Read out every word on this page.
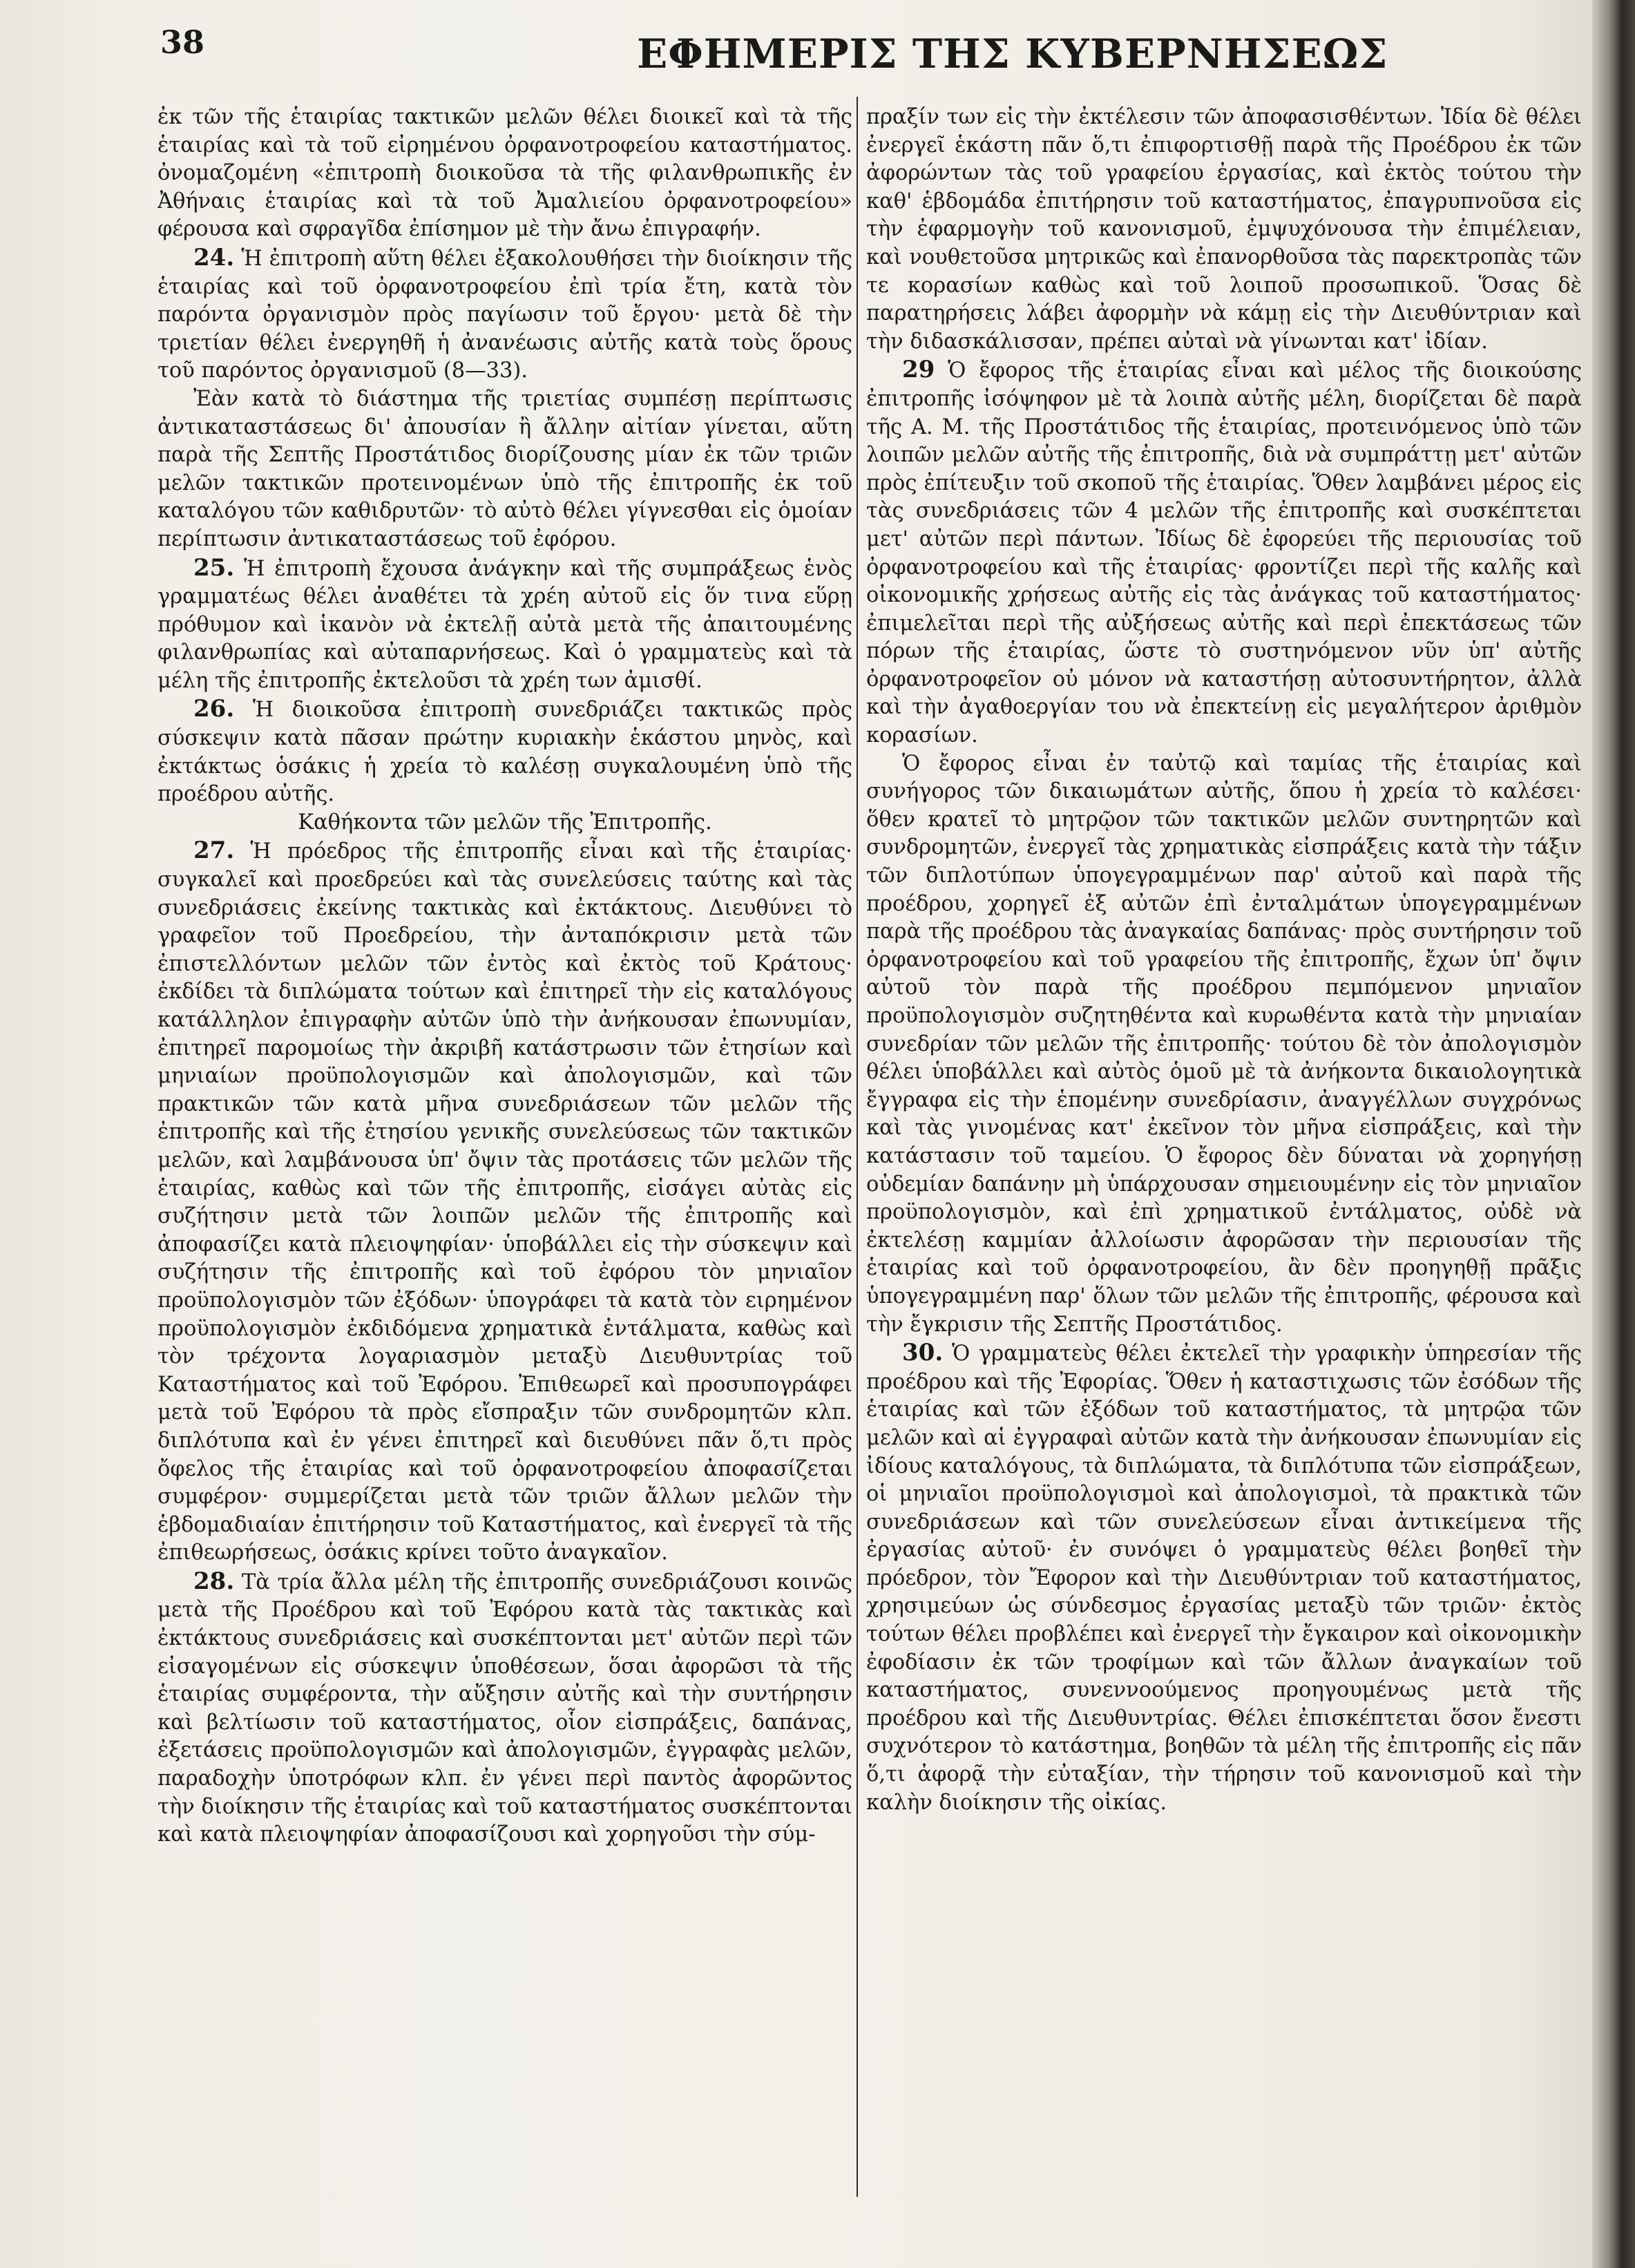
38	ΕΦΗΜΕΡΙΣ ΤΗΣ ΚΥΒΕΡΝΗΣΕΩΣ

ἐκ τῶν τῆς ἑταιρίας τακτικῶν μελῶν θέλει διοικεῖ καὶ τὰ τῆς ἑταιρίας καὶ τὰ τοῦ εἰρημένου ὀρφανοτροφείου καταστήματος. ὀνομαζομένη «ἐπιτροπὴ διοικοῦσα τὰ τῆς φιλανθρωπικῆς ἐν Ἀθήναις ἑταιρίας καὶ τὰ τοῦ Ἀμαλιείου ὀρφανοτροφείου» φέρουσα καὶ σφραγῖδα ἐπίσημον μὲ τὴν ἄνω ἐπιγραφήν.

24. Ἡ ἐπιτροπὴ αὕτη θέλει ἐξακολουθήσει τὴν διοίκησιν τῆς ἑταιρίας καὶ τοῦ ὀρφανοτροφείου ἐπὶ τρία ἔτη, κατὰ τὸν παρόντα ὀργανισμὸν πρὸς παγίωσιν τοῦ ἔργου· μετὰ δὲ τὴν τριετίαν θέλει ἐνεργηθῆ ἡ ἀνανέωσις αὐτῆς κατὰ τοὺς ὅρους τοῦ παρόντος ὀργανισμοῦ (8—33).

Ἐὰν κατὰ τὸ διάστημα τῆς τριετίας συμπέσῃ περίπτωσις ἀντικαταστάσεως δι' ἀπουσίαν ἢ ἄλλην αἰτίαν γίνεται, αὕτη παρὰ τῆς Σεπτῆς Προστάτιδος διορίζουσης μίαν ἐκ τῶν τριῶν μελῶν τακτικῶν προτεινομένων ὑπὸ τῆς ἐπιτροπῆς ἐκ τοῦ καταλόγου τῶν καθιδρυτῶν· τὸ αὐτὸ θέλει γίγνεσθαι εἰς ὁμοίαν περίπτωσιν ἀντικαταστάσεως τοῦ ἐφόρου.

25. Ἡ ἐπιτροπὴ ἔχουσα ἀνάγκην καὶ τῆς συμπράξεως ἑνὸς γραμματέως θέλει ἀναθέτει τὰ χρέη αὐτοῦ εἰς ὅν τινα εὕρῃ πρόθυμον καὶ ἱκανὸν νὰ ἐκτελῇ αὐτὰ μετὰ τῆς ἀπαιτουμένης φιλανθρωπίας καὶ αὐταπαρνήσεως. Καὶ ὁ γραμματεὺς καὶ τὰ μέλη τῆς ἐπιτροπῆς ἐκτελοῦσι τὰ χρέη των ἀμισθί.

26. Ἡ διοικοῦσα ἐπιτροπὴ συνεδριάζει τακτικῶς πρὸς σύσκεψιν κατὰ πᾶσαν πρώτην κυριακὴν ἑκάστου μηνὸς, καὶ ἐκτάκτως ὁσάκις ἡ χρεία τὸ καλέσῃ συγκαλουμένη ὑπὸ τῆς προέδρου αὐτῆς.

Καθήκοντα τῶν μελῶν τῆς Ἐπιτροπῆς.

27. Ἡ πρόεδρος τῆς ἐπιτροπῆς εἶναι καὶ τῆς ἑταιρίας· συγκαλεῖ καὶ προεδρεύει καὶ τὰς συνελεύσεις ταύτης καὶ τὰς συνεδριάσεις ἐκείνης τακτικὰς καὶ ἐκτάκτους. Διευθύνει τὸ γραφεῖον τοῦ Προεδρείου, τὴν ἀνταπόκρισιν μετὰ τῶν ἐπιστελλόντων μελῶν τῶν ἐντὸς καὶ ἐκτὸς τοῦ Κράτους· ἐκδίδει τὰ διπλώματα τούτων καὶ ἐπιτηρεῖ τὴν εἰς καταλόγους κατάλληλον ἐπιγραφὴν αὐτῶν ὑπὸ τὴν ἀνήκουσαν ἐπωνυμίαν, ἐπιτηρεῖ παρομοίως τὴν ἀκριβῆ κατάστρωσιν τῶν ἐτησίων καὶ μηνιαίων προϋπολογισμῶν καὶ ἀπολογισμῶν, καὶ τῶν πρακτικῶν τῶν κατὰ μῆνα συνεδριάσεων τῶν μελῶν τῆς ἐπιτροπῆς καὶ τῆς ἐτησίου γενικῆς συνελεύσεως τῶν τακτικῶν μελῶν, καὶ λαμβάνουσα ὑπ' ὄψιν τὰς προτάσεις τῶν μελῶν τῆς ἑταιρίας, καθὼς καὶ τῶν τῆς ἐπιτροπῆς, εἰσάγει αὐτὰς εἰς συζήτησιν μετὰ τῶν λοιπῶν μελῶν τῆς ἐπιτροπῆς καὶ ἀποφασίζει κατὰ πλειοψηφίαν· ὑποβάλλει εἰς τὴν σύσκεψιν καὶ συζήτησιν τῆς ἐπιτροπῆς καὶ τοῦ ἐφόρου τὸν μηνιαῖον προϋπολογισμὸν τῶν ἐξόδων· ὑπογράφει τὰ κατὰ τὸν ειρημένον προϋπολογισμὸν ἐκδιδόμενα χρηματικὰ ἐντάλματα, καθὼς καὶ τὸν τρέχοντα λογαριασμὸν μεταξὺ Διευθυντρίας τοῦ Καταστήματος καὶ τοῦ Ἐφόρου. Ἐπιθεωρεῖ καὶ προσυπογράφει μετὰ τοῦ Ἐφόρου τὰ πρὸς εἴσπραξιν τῶν συνδρομητῶν κλπ. διπλότυπα καὶ ἐν γένει ἐπιτηρεῖ καὶ διευθύνει πᾶν ὅ,τι πρὸς ὄφελος τῆς ἑταιρίας καὶ τοῦ ὀρφανοτροφείου ἀποφασίζεται συμφέρον· συμμερίζεται μετὰ τῶν τριῶν ἄλλων μελῶν τὴν ἑβδομαδιαίαν ἐπιτήρησιν τοῦ Καταστήματος, καὶ ἐνεργεῖ τὰ τῆς ἐπιθεωρήσεως, ὁσάκις κρίνει τοῦτο ἀναγκαῖον.

28. Τὰ τρία ἄλλα μέλη τῆς ἐπιτροπῆς συνεδριάζουσι κοινῶς μετὰ τῆς Προέδρου καὶ τοῦ Ἐφόρου κατὰ τὰς τακτικὰς καὶ ἐκτάκτους συνεδριάσεις καὶ συσκέπτονται μετ' αὐτῶν περὶ τῶν εἰσαγομένων εἰς σύσκεψιν ὑποθέσεων, ὅσαι ἀφορῶσι τὰ τῆς ἑταιρίας συμφέροντα, τὴν αὔξησιν αὐτῆς καὶ τὴν συντήρησιν καὶ βελτίωσιν τοῦ καταστήματος, οἷον εἰσπράξεις, δαπάνας, ἐξετάσεις προϋπολογισμῶν καὶ ἀπολογισμῶν, ἐγγραφὰς μελῶν, παραδοχὴν ὑποτρόφων κλπ. ἐν γένει περὶ παντὸς ἀφορῶντος τὴν διοίκησιν τῆς ἑταιρίας καὶ τοῦ καταστήματος συσκέπτονται καὶ κατὰ πλειοψηφίαν ἀποφασίζουσι καὶ χορηγοῦσι τὴν σύμ-

πραξίν των εἰς τὴν ἐκτέλεσιν τῶν ἀποφασισθέντων. Ἰδία δὲ θέλει ἐνεργεῖ ἑκάστη πᾶν ὅ,τι ἐπιφορτισθῇ παρὰ τῆς Προέδρου ἐκ τῶν ἀφορώντων τὰς τοῦ γραφείου ἐργασίας, καὶ ἐκτὸς τούτου τὴν καθ' ἑβδομάδα ἐπιτήρησιν τοῦ καταστήματος, ἐπαγρυπνοῦσα εἰς τὴν ἐφαρμογὴν τοῦ κανονισμοῦ, ἐμψυχόνουσα τὴν ἐπιμέλειαν, καὶ νουθετοῦσα μητρικῶς καὶ ἐπανορθοῦσα τὰς παρεκτροπὰς τῶν τε κορασίων καθὼς καὶ τοῦ λοιποῦ προσωπικοῦ. Ὅσας δὲ παρατηρήσεις λάβει ἀφορμὴν νὰ κάμῃ εἰς τὴν Διευθύντριαν καὶ τὴν διδασκάλισσαν, πρέπει αὐταὶ νὰ γίνωνται κατ' ἰδίαν.

29 Ὁ ἔφορος τῆς ἑταιρίας εἶναι καὶ μέλος τῆς διοικούσης ἐπιτροπῆς ἰσόψηφον μὲ τὰ λοιπὰ αὐτῆς μέλη, διορίζεται δὲ παρὰ τῆς Α. Μ. τῆς Προστάτιδος τῆς ἑταιρίας, προτεινόμενος ὑπὸ τῶν λοιπῶν μελῶν αὐτῆς τῆς ἐπιτροπῆς, διὰ νὰ συμπράττῃ μετ' αὐτῶν πρὸς ἐπίτευξιν τοῦ σκοποῦ τῆς ἑταιρίας. Ὅθεν λαμβάνει μέρος εἰς τὰς συνεδριάσεις τῶν 4 μελῶν τῆς ἐπιτροπῆς καὶ συσκέπτεται μετ' αὐτῶν περὶ πάντων. Ἰδίως δὲ ἐφορεύει τῆς περιουσίας τοῦ ὀρφανοτροφείου καὶ τῆς ἑταιρίας· φροντίζει περὶ τῆς καλῆς καὶ οἰκονομικῆς χρήσεως αὐτῆς εἰς τὰς ἀνάγκας τοῦ καταστήματος· ἐπιμελεῖται περὶ τῆς αὐξήσεως αὐτῆς καὶ περὶ ἐπεκτάσεως τῶν πόρων τῆς ἑταιρίας, ὥστε τὸ συστηνόμενον νῦν ὑπ' αὐτῆς ὀρφανοτροφεῖον οὐ μόνον νὰ καταστήσῃ αὐτοσυντήρητον, ἀλλὰ καὶ τὴν ἀγαθοεργίαν του νὰ ἐπεκτείνῃ εἰς μεγαλήτερον ἀριθμὸν κορασίων.

Ὁ ἔφορος εἶναι ἐν ταὐτῷ καὶ ταμίας τῆς ἑταιρίας καὶ συνήγορος τῶν δικαιωμάτων αὐτῆς, ὅπου ἡ χρεία τὸ καλέσει· ὅθεν κρατεῖ τὸ μητρῷον τῶν τακτικῶν μελῶν συντηρητῶν καὶ συνδρομητῶν, ἐνεργεῖ τὰς χρηματικὰς εἰσπράξεις κατὰ τὴν τάξιν τῶν διπλοτύπων ὑπογεγραμμένων παρ' αὐτοῦ καὶ παρὰ τῆς προέδρου, χορηγεῖ ἐξ αὐτῶν ἐπὶ ἐνταλμάτων ὑπογεγραμμένων παρὰ τῆς προέδρου τὰς ἀναγκαίας δαπάνας· πρὸς συντήρησιν τοῦ ὀρφανοτροφείου καὶ τοῦ γραφείου τῆς ἐπιτροπῆς, ἔχων ὑπ' ὄψιν αὐτοῦ τὸν παρὰ τῆς προέδρου πεμπόμενον μηνιαῖον προϋπολογισμὸν συζητηθέντα καὶ κυρωθέντα κατὰ τὴν μηνιαίαν συνεδρίαν τῶν μελῶν τῆς ἐπιτροπῆς· τούτου δὲ τὸν ἀπολογισμὸν θέλει ὑποβάλλει καὶ αὐτὸς ὁμοῦ μὲ τὰ ἀνήκοντα δικαιολογητικὰ ἔγγραφα εἰς τὴν ἑπομένην συνεδρίασιν, ἀναγγέλλων συγχρόνως καὶ τὰς γινομένας κατ' ἐκεῖνον τὸν μῆνα εἰσπράξεις, καὶ τὴν κατάστασιν τοῦ ταμείου. Ὁ ἔφορος δὲν δύναται νὰ χορηγήσῃ οὐδεμίαν δαπάνην μὴ ὑπάρχουσαν σημειουμένην εἰς τὸν μηνιαῖον προϋπολογισμὸν, καὶ ἐπὶ χρηματικοῦ ἐντάλματος, οὐδὲ νὰ ἐκτελέσῃ καμμίαν ἀλλοίωσιν ἀφορῶσαν τὴν περιουσίαν τῆς ἑταιρίας καὶ τοῦ ὀρφανοτροφείου, ἂν δὲν προηγηθῇ πρᾶξις ὑπογεγραμμένη παρ' ὅλων τῶν μελῶν τῆς ἐπιτροπῆς, φέρουσα καὶ τὴν ἔγκρισιν τῆς Σεπτῆς Προστάτιδος.

30. Ὁ γραμματεὺς θέλει ἐκτελεῖ τὴν γραφικὴν ὑπηρεσίαν τῆς προέδρου καὶ τῆς Ἐφορίας. Ὅθεν ἡ καταστιχωσις τῶν ἐσόδων τῆς ἑταιρίας καὶ τῶν ἐξόδων τοῦ καταστήματος, τὰ μητρῷα τῶν μελῶν καὶ αἱ ἐγγραφαὶ αὐτῶν κατὰ τὴν ἀνήκουσαν ἐπωνυμίαν εἰς ἰδίους καταλόγους, τὰ διπλώματα, τὰ διπλότυπα τῶν εἰσπράξεων, οἱ μηνιαῖοι προϋπολογισμοὶ καὶ ἀπολογισμοὶ, τὰ πρακτικὰ τῶν συνεδριάσεων καὶ τῶν συνελεύσεων εἶναι ἀντικείμενα τῆς ἐργασίας αὐτοῦ· ἐν συνόψει ὁ γραμματεὺς θέλει βοηθεῖ τὴν πρόεδρον, τὸν Ἔφορον καὶ τὴν Διευθύντριαν τοῦ καταστήματος, χρησιμεύων ὡς σύνδεσμος ἐργασίας μεταξὺ τῶν τριῶν· ἐκτὸς τούτων θέλει προβλέπει καὶ ἐνεργεῖ τὴν ἔγκαιρον καὶ οἰκονομικὴν ἐφοδίασιν ἐκ τῶν τροφίμων καὶ τῶν ἄλλων ἀναγκαίων τοῦ καταστήματος, συνεννοούμενος προηγουμένως μετὰ τῆς προέδρου καὶ τῆς Διευθυντρίας. Θέλει ἐπισκέπτεται ὅσον ἔνεστι συχνότερον τὸ κατάστημα, βοηθῶν τὰ μέλη τῆς ἐπιτροπῆς εἰς πᾶν ὅ,τι ἀφορᾷ τὴν εὐταξίαν, τὴν τήρησιν τοῦ κανονισμοῦ καὶ τὴν καλὴν διοίκησιν τῆς οἰκίας.
